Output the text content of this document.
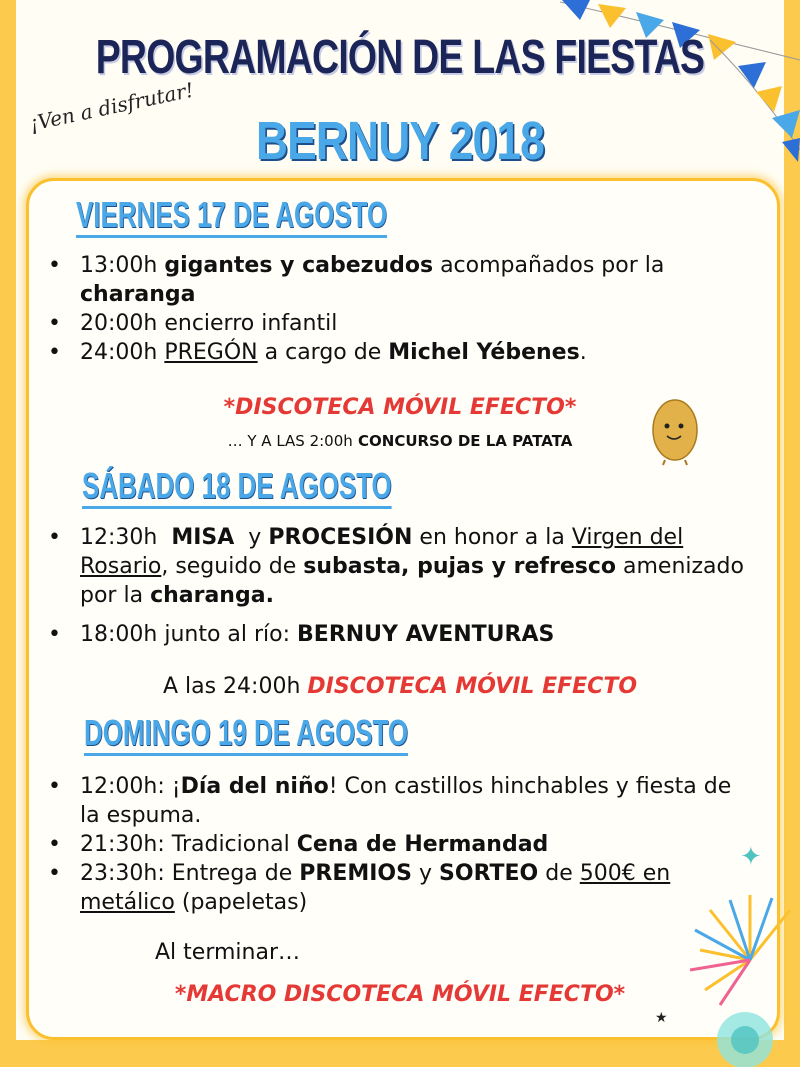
PROGRAMACIÓN DE LAS FIESTAS
BERNUY 2018
¡Ven a disfrutar!
VIERNES 17 DE AGOSTO
• 13:00h gigantes y cabezudos acompañados por la
charanga
• 20:00h encierro infantil
• 24:00h PREGÓN a cargo de Michel Yébenes.
*DISCOTECA MÓVIL EFECTO*
… Y A LAS 2:00h CONCURSO DE LA PATATA
SÁBADO 18 DE AGOSTO
• 12:30h MISA y PROCESIÓN en honor a la Virgen del Rosario, seguido de subasta, pujas y refresco amenizado por la charanga.
• 18:00h junto al río: BERNUY AVENTURAS
A las 24:00h DISCOTECA MÓVIL EFECTO
DOMINGO 19 DE AGOSTO
• 12:00h: ¡Día del niño! Con castillos hinchables y fiesta de la espuma.
• 21:30h: Tradicional Cena de Hermandad
• 23:30h: Entrega de PREMIOS y SORTEO de 500€ en metálico (papeletas)
Al terminar…
*MACRO DISCOTECA MÓVIL EFECTO*
✦
★
